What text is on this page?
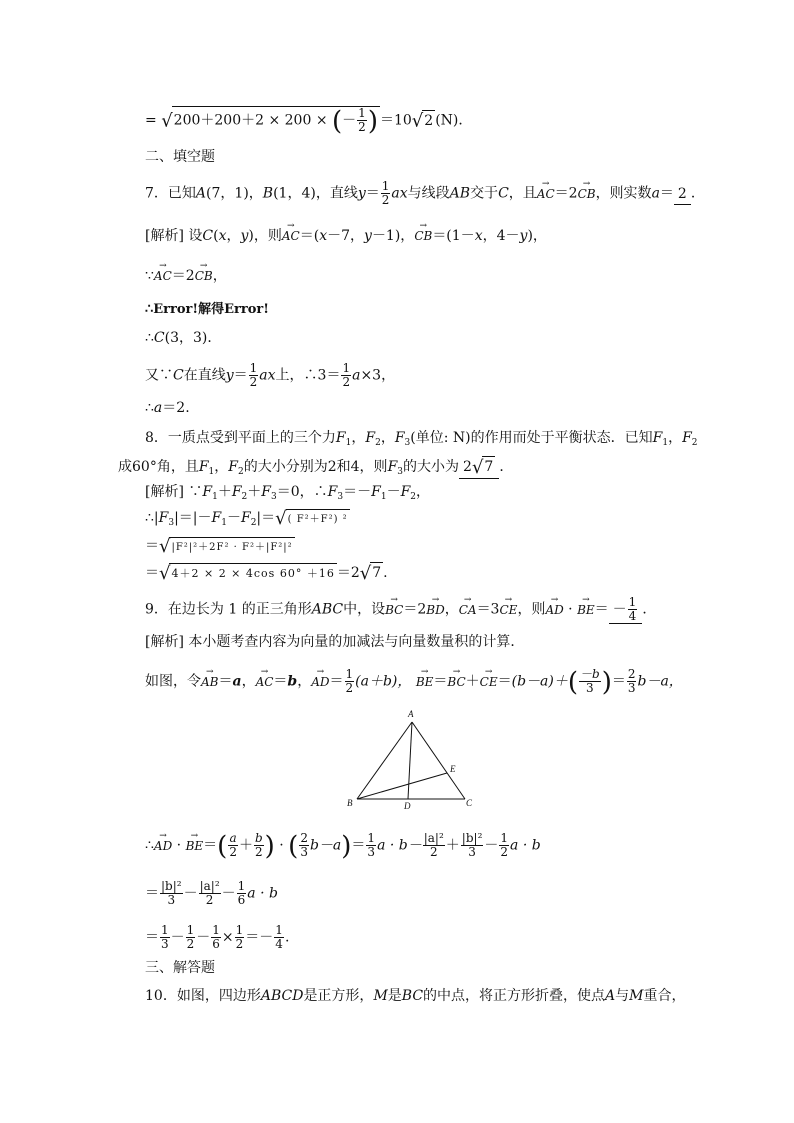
= √200＋200＋2 × 200 × (－ $\frac{1}{2}$ ) ＝10√2 (N)．
二、填空题
7．已知A(7，1)，B(1，4)，直线$y= \frac{1}{2}$ ax与线段AB交于C，且→ AC＝2→ CB，则实数a＝ 2 ．
[解析] 设C(x，y)，则→ AC＝(x－7，y－1)，→ CB＝(1－x，4－y)，
∵→ AC＝2→ CB，
∴Error!解得Error!
∴C(3，3)．
又∵C在直线$y= \frac{1}{2}$ ax上，∴3＝ $\frac{1}{2} a\times 3$，
∴a＝2.
8．一质点受到平面上的三个力$F_1$，$F_2$，$F_3$(单位: N)的作用而处于平衡状态．已知$F_1$，$F_2$
成60°角，且$F_1$，$F_2$的大小分别为2和4，则$F_3$的大小为 2√7 ．
[解析] $\because F_1+F_2+F_3=0$，$\therefore F_3=-F_1-F_2$，
$\therefore|F_3|=|-F_1-F_2|=√$( F²＋F²) ²
＝√|F²|²＋2F² · F²＋|F²|²
＝√4＋2 × 2 × 4cos 60° ＋16 ＝2√7 .
9．在边长为 1 的正三角形ABC中，设→ BC＝2→ BD，→ CA＝3→ CE，则→ AD · → $BE= - \frac{1}{4}$ ．
[解析] 本小题考查内容为向量的加减法与向量数量积的计算．
如图，令→ AB＝a，→ AC＝b，→ $AD= \frac{1}{2} (a+b)$， → $BE=\to BC+\to CE=(b-a)+( \frac{-b}{3}$ )＝ $\frac{2}{3} b-a$，
A
B	C
D
E
∴→ AD · → $BE=( \frac{a}{2} + \frac{b}{2}$ ) · ( $\frac{2}{3} b-a)= \frac{1}{3}$ $a \cdot b- \frac{\text{|a|²}}{2} + \frac{\text{|b|²}}{3} - \frac{1}{2}$ a · b
＝ $\frac{\text{|b|²}}{3} - \frac{\text{|a|²}}{2} - \frac{1}{6}$ a · b
＝ $\frac{1}{3} - \frac{1}{2} - \frac{1}{6} \times \frac{1}{2} =- \frac{1}{4}$ .
三、解答题
10．如图，四边形ABCD是正方形，M是BC的中点，将正方形折叠，使点A与M重合，
